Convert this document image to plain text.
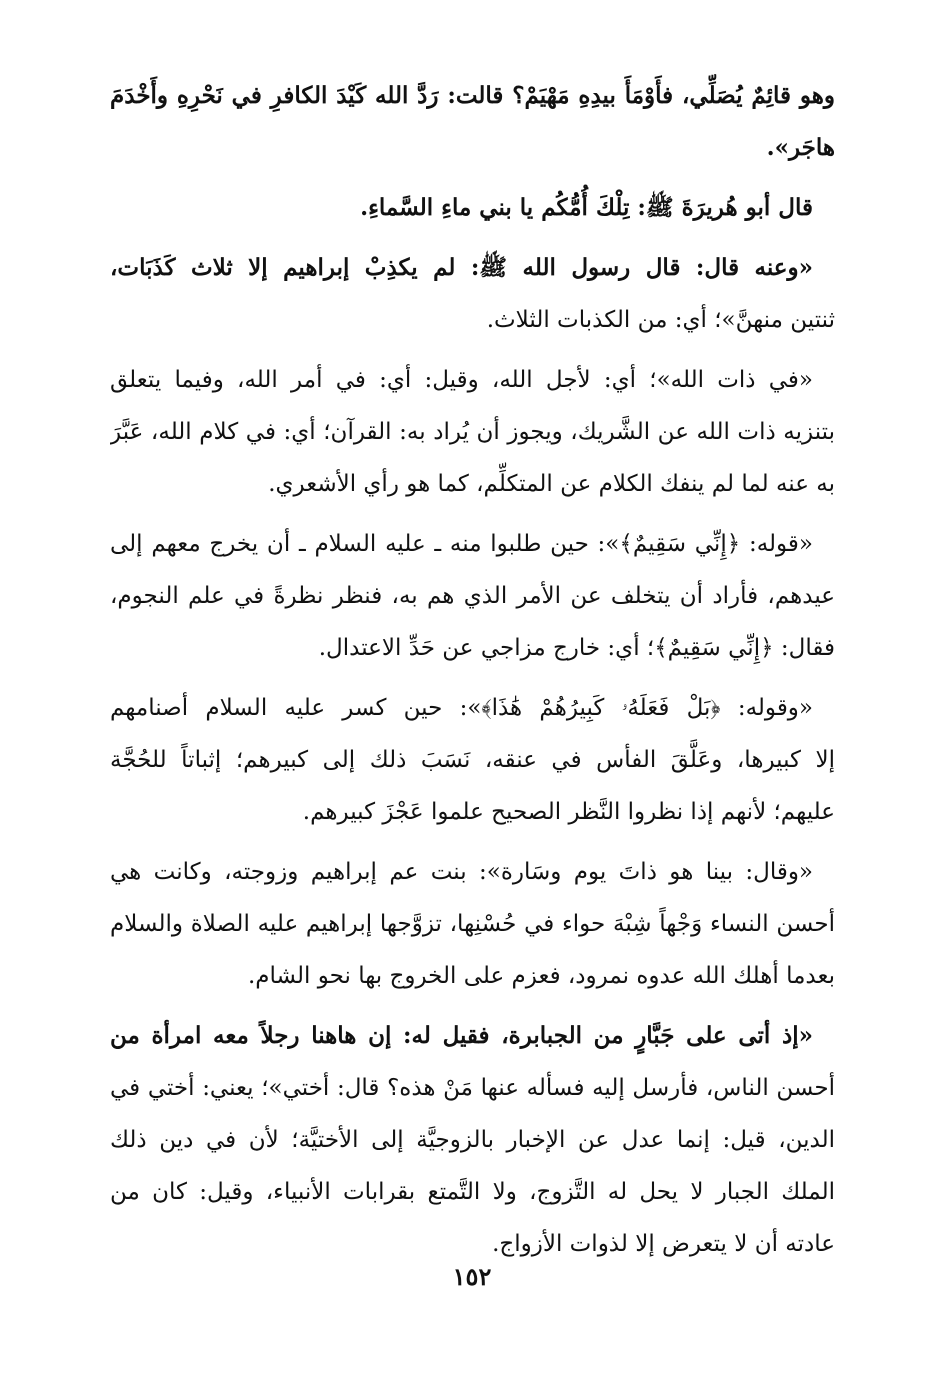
وهو قائِمٌ يُصَلِّي، فأَوْمَأَ بيدِهِ مَهْيَمْ؟ قالت: رَدَّ الله كَيْدَ الكافرِ في نَحْرِهِ وأَخْدَمَ
هاجَر».
قال أبو هُريرَةَ ﷺ: تِلْكَ أُمُّكُم يا بني ماءِ السَّماءِ.
«وعنه قال: قال رسول الله ﷺ: لم يكذِبْ إبراهيم إلا ثلاث كَذَبَات،
ثنتين منهنَّ»؛ أي: من الكذبات الثلاث.
«في ذات الله»؛ أي: لأجل الله، وقيل: أي: في أمر الله، وفيما يتعلق
بتنزيه ذات الله عن الشَّريك، ويجوز أن يُراد به: القرآن؛ أي: في كلام الله، عَبَّرَ
به عنه لما لم ينفك الكلام عن المتكلِّم، كما هو رأي الأشعري.
«قوله: ﴿إِنِّي سَقِيمٌ﴾»: حين طلبوا منه ـ عليه السلام ـ أن يخرج معهم إلى
عيدهم، فأراد أن يتخلف عن الأمر الذي هم به، فنظر نظرةً في علم النجوم،
فقال: ﴿إِنِّي سَقِيمٌ﴾؛ أي: خارج مزاجي عن حَدِّ الاعتدال.
«وقوله: ﴿بَلْ فَعَلَهُۥ كَبِيرُهُمْ هَٰذَا﴾»: حين كسر عليه السلام أصنامهم
إلا كبيرها، وعَلَّقَ الفأس في عنقه، نَسَبَ ذلك إلى كبيرهم؛ إثباتاً للحُجَّة
عليهم؛ لأنهم إذا نظروا النَّظر الصحيح علموا عَجْزَ كبيرهم.
«وقال: بينا هو ذاتَ يوم وسَارة»: بنت عم إبراهيم وزوجته، وكانت هي
أحسن النساء وَجْهاً شِبْهَ حواء في حُسْنِها، تزوَّجها إبراهيم عليه الصلاة والسلام
بعدما أهلك الله عدوه نمرود، فعزم على الخروج بها نحو الشام.
«إذ أتى على جَبَّارٍ من الجبابرة، فقيل له: إن هاهنا رجلاً معه امرأة من
أحسن الناس، فأرسل إليه فسأله عنها مَنْ هذه؟ قال: أختي»؛ يعني: أختي في
الدين، قيل: إنما عدل عن الإخبار بالزوجيَّة إلى الأختيَّة؛ لأن في دين ذلك
الملك الجبار لا يحل له التَّزوج، ولا التَّمتع بقرابات الأنبياء، وقيل: كان من
عادته أن لا يتعرض إلا لذوات الأزواج.
١٥٢
